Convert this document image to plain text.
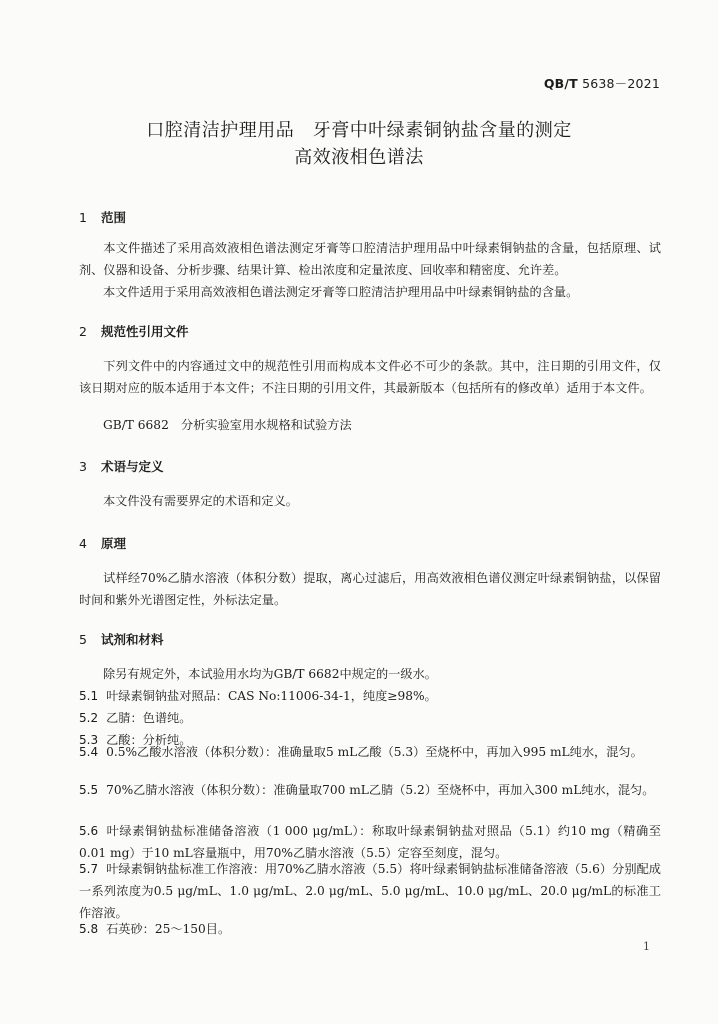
QB/T 5638－2021
口腔清洁护理用品　牙膏中叶绿素铜钠盐含量的测定
高效液相色谱法
1 范围
本文件描述了采用高效液相色谱法测定牙膏等口腔清洁护理用品中叶绿素铜钠盐的含量，包括原理、试剂、仪器和设备、分析步骤、结果计算、检出浓度和定量浓度、回收率和精密度、允许差。
本文件适用于采用高效液相色谱法测定牙膏等口腔清洁护理用品中叶绿素铜钠盐的含量。
2 规范性引用文件
下列文件中的内容通过文中的规范性引用而构成本文件必不可少的条款。其中，注日期的引用文件，仅该日期对应的版本适用于本文件；不注日期的引用文件，其最新版本（包括所有的修改单）适用于本文件。
GB/T 6682　分析实验室用水规格和试验方法
3 术语与定义
本文件没有需要界定的术语和定义。
4 原理
试样经70%乙腈水溶液（体积分数）提取，离心过滤后，用高效液相色谱仪测定叶绿素铜钠盐，以保留时间和紫外光谱图定性，外标法定量。
5 试剂和材料
除另有规定外，本试验用水均为GB/T 6682中规定的一级水。
5.1 叶绿素铜钠盐对照品：CAS No:11006-34-1，纯度≥98%。
5.2 乙腈：色谱纯。
5.3 乙酸：分析纯。
5.4 0.5%乙酸水溶液（体积分数）：准确量取5 mL乙酸（5.3）至烧杯中，再加入995 mL纯水，混匀。
5.5 70%乙腈水溶液（体积分数）：准确量取700 mL乙腈（5.2）至烧杯中，再加入300 mL纯水，混匀。
5.6 叶绿素铜钠盐标准储备溶液（1 000 μg/mL）：称取叶绿素铜钠盐对照品（5.1）约10 mg（精确至0.01 mg）于10 mL容量瓶中，用70%乙腈水溶液（5.5）定容至刻度，混匀。
5.7 叶绿素铜钠盐标准工作溶液：用70%乙腈水溶液（5.5）将叶绿素铜钠盐标准储备溶液（5.6）分别配成一系列浓度为0.5 μg/mL、1.0 μg/mL、2.0 μg/mL、5.0 μg/mL、10.0 μg/mL、20.0 μg/mL的标准工作溶液。
5.8 石英砂：25～150目。
1
